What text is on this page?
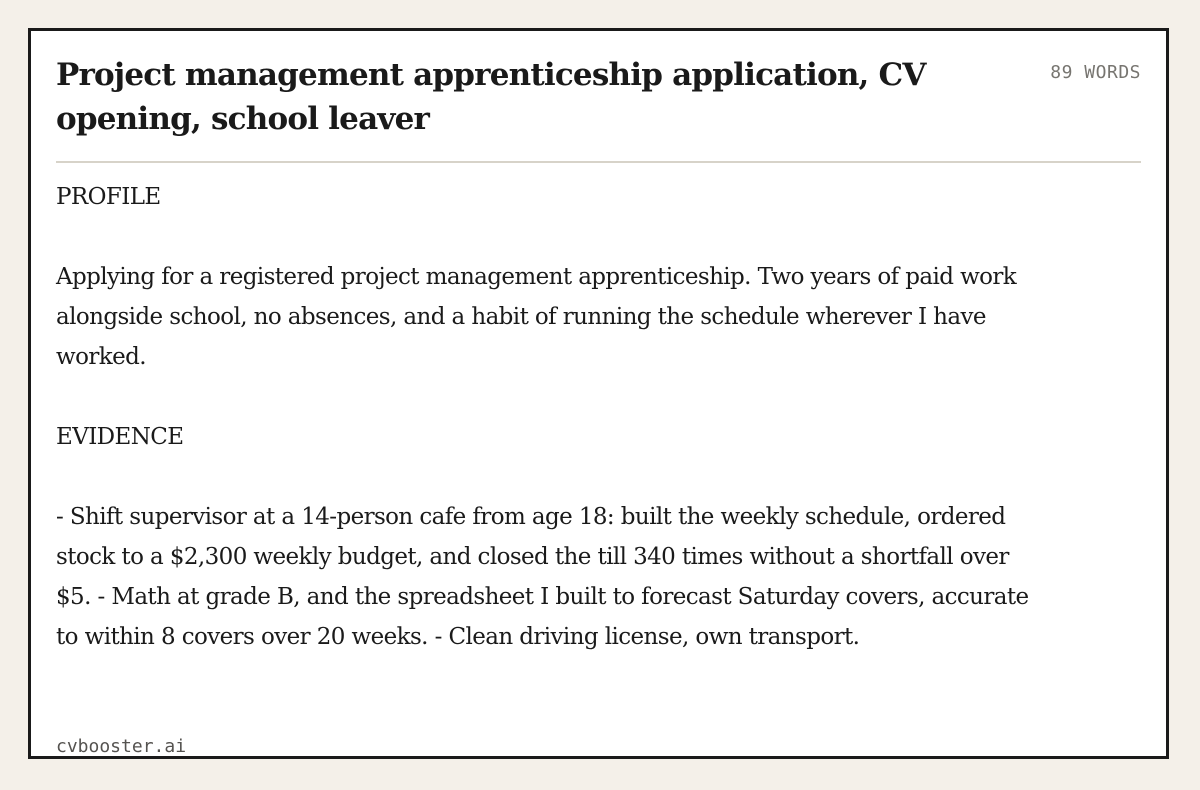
Project management apprenticeship application, CV opening, school leaver
89 WORDS

PROFILE

Applying for a registered project management apprenticeship. Two years of paid work alongside school, no absences, and a habit of running the schedule wherever I have worked.

EVIDENCE

- Shift supervisor at a 14-person cafe from age 18: built the weekly schedule, ordered stock to a $2,300 weekly budget, and closed the till 340 times without a shortfall over $5. - Math at grade B, and the spreadsheet I built to forecast Saturday covers, accurate to within 8 covers over 20 weeks. - Clean driving license, own transport.

cvbooster.ai
